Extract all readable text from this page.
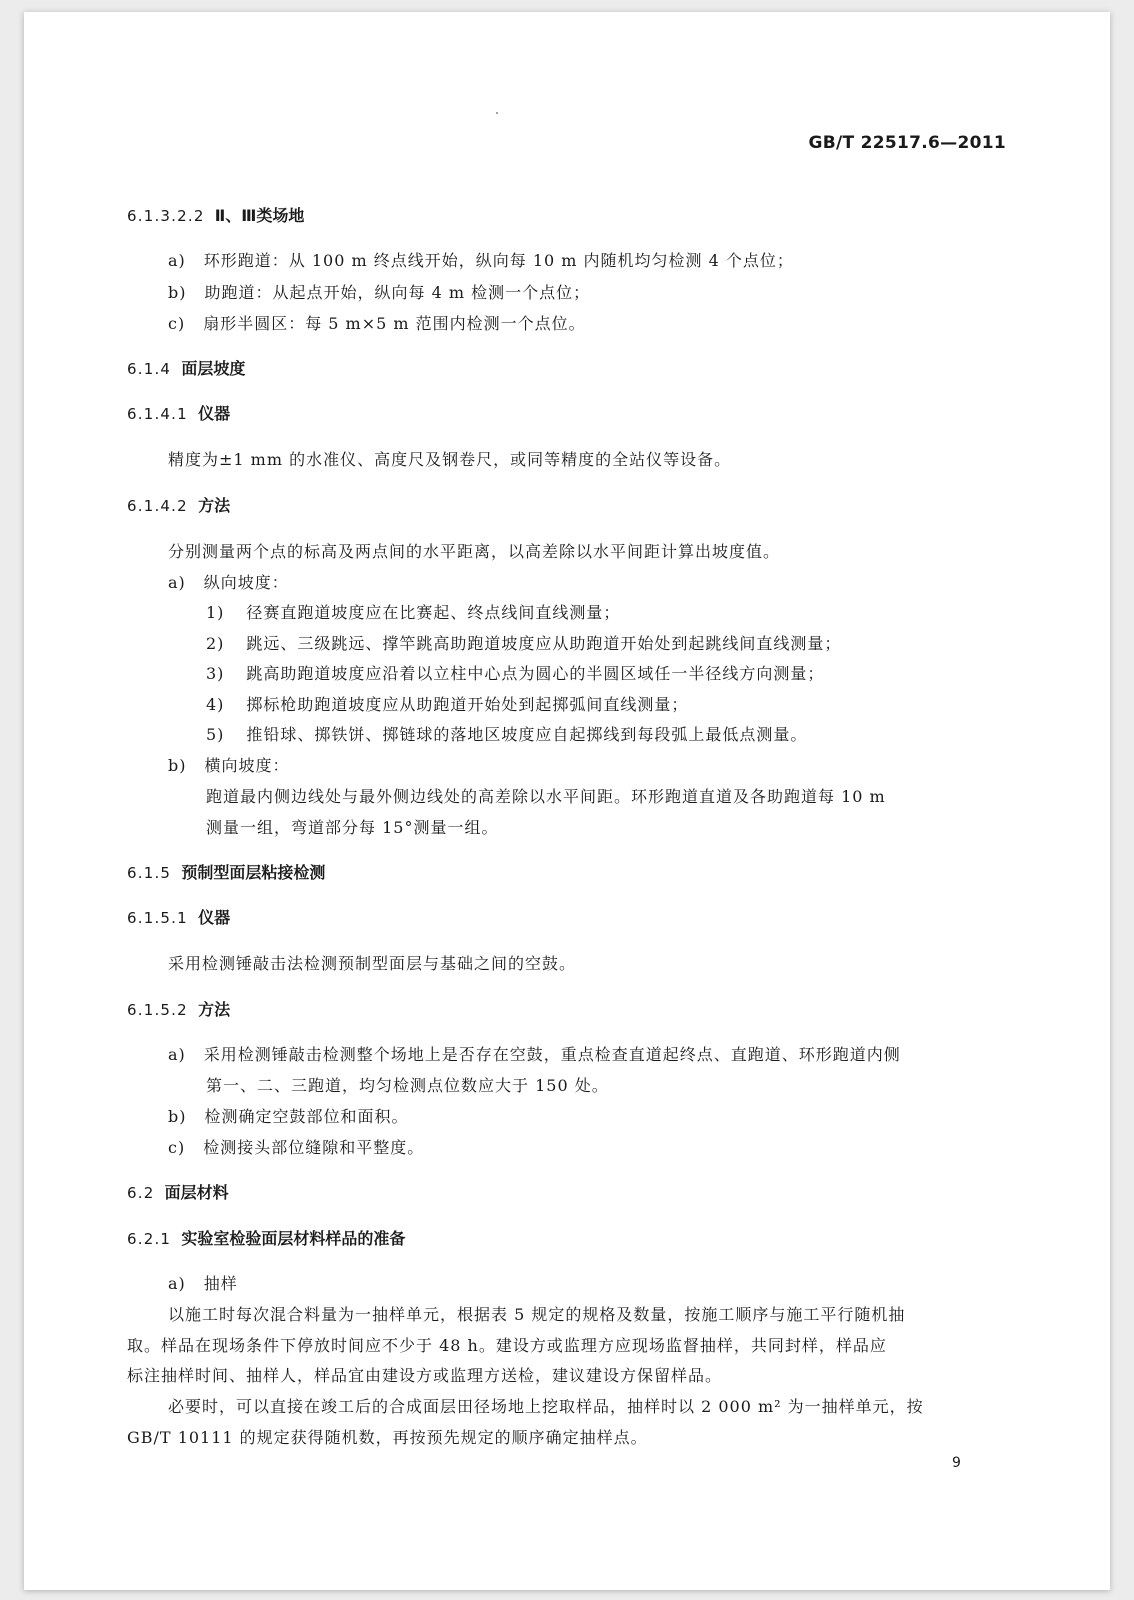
GB/T 22517.6—2011
6.1.3.2.2 Ⅱ、Ⅲ类场地
a) 环形跑道：从 100 m 终点线开始，纵向每 10 m 内随机均匀检测 4 个点位；
b) 助跑道：从起点开始，纵向每 4 m 检测一个点位；
c) 扇形半圆区：每 5 m×5 m 范围内检测一个点位。
6.1.4 面层坡度
6.1.4.1 仪器
精度为±1 mm 的水准仪、高度尺及钢卷尺，或同等精度的全站仪等设备。
6.1.4.2 方法
分别测量两个点的标高及两点间的水平距离，以高差除以水平间距计算出坡度值。
a) 纵向坡度：
1) 径赛直跑道坡度应在比赛起、终点线间直线测量；
2) 跳远、三级跳远、撑竿跳高助跑道坡度应从助跑道开始处到起跳线间直线测量；
3) 跳高助跑道坡度应沿着以立柱中心点为圆心的半圆区域任一半径线方向测量；
4) 掷标枪助跑道坡度应从助跑道开始处到起掷弧间直线测量；
5) 推铅球、掷铁饼、掷链球的落地区坡度应自起掷线到每段弧上最低点测量。
b) 横向坡度：
跑道最内侧边线处与最外侧边线处的高差除以水平间距。环形跑道直道及各助跑道每 10 m
测量一组，弯道部分每 15°测量一组。
6.1.5 预制型面层粘接检测
6.1.5.1 仪器
采用检测锤敲击法检测预制型面层与基础之间的空鼓。
6.1.5.2 方法
a) 采用检测锤敲击检测整个场地上是否存在空鼓，重点检查直道起终点、直跑道、环形跑道内侧
第一、二、三跑道，均匀检测点位数应大于 150 处。
b) 检测确定空鼓部位和面积。
c) 检测接头部位缝隙和平整度。
6.2 面层材料
6.2.1 实验室检验面层材料样品的准备
a) 抽样
以施工时每次混合料量为一抽样单元，根据表 5 规定的规格及数量，按施工顺序与施工平行随机抽
取。样品在现场条件下停放时间应不少于 48 h。建设方或监理方应现场监督抽样，共同封样，样品应
标注抽样时间、抽样人，样品宜由建设方或监理方送检，建议建设方保留样品。
必要时，可以直接在竣工后的合成面层田径场地上挖取样品，抽样时以 2 000 m² 为一抽样单元，按
GB/T 10111 的规定获得随机数，再按预先规定的顺序确定抽样点。
9
